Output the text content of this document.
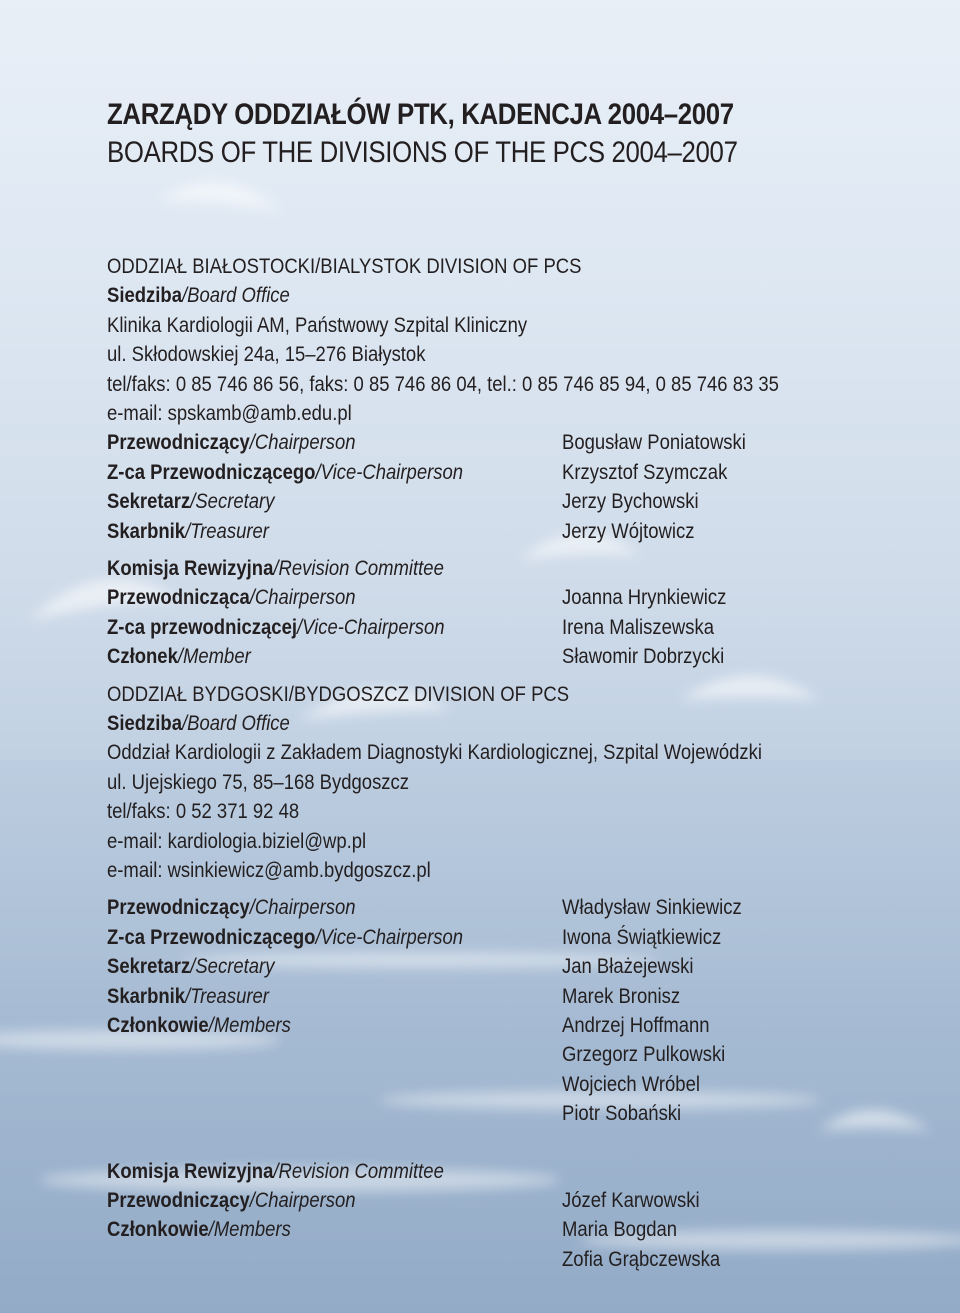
ZARZĄDY ODDZIAŁÓW PTK, KADENCJA 2004–2007
BOARDS OF THE DIVISIONS OF THE PCS 2004–2007
ODDZIAŁ BIAŁOSTOCKI/BIALYSTOK DIVISION OF PCS
Siedziba/Board Office
Klinika Kardiologii AM, Państwowy Szpital Kliniczny
ul. Skłodowskiej 24a, 15–276 Białystok
tel/faks: 0 85 746 86 56, faks: 0 85 746 86 04, tel.: 0 85 746 85 94, 0 85 746 83 35
e-mail: spskamb@amb.edu.pl
Przewodniczący/Chairperson	Bogusław Poniatowski
Z-ca Przewodniczącego/Vice-Chairperson	Krzysztof Szymczak
Sekretarz/Secretary	Jerzy Bychowski
Skarbnik/Treasurer	Jerzy Wójtowicz
Komisja Rewizyjna/Revision Committee
Przewodnicząca/Chairperson	Joanna Hrynkiewicz
Z-ca przewodniczącej/Vice-Chairperson	Irena Maliszewska
Członek/Member	Sławomir Dobrzycki
ODDZIAŁ BYDGOSKI/BYDGOSZCZ DIVISION OF PCS
Siedziba/Board Office
Oddział Kardiologii z Zakładem Diagnostyki Kardiologicznej, Szpital Wojewódzki
ul. Ujejskiego 75, 85–168 Bydgoszcz
tel/faks: 0 52 371 92 48
e-mail: kardiologia.biziel@wp.pl
e-mail: wsinkiewicz@amb.bydgoszcz.pl
Przewodniczący/Chairperson	Władysław Sinkiewicz
Z-ca Przewodniczącego/Vice-Chairperson	Iwona Świątkiewicz
Sekretarz/Secretary	Jan Błażejewski
Skarbnik/Treasurer	Marek Bronisz
Członkowie/Members	Andrzej Hoffmann
Grzegorz Pulkowski
Wojciech Wróbel
Piotr Sobański
Komisja Rewizyjna/Revision Committee
Przewodniczący/Chairperson	Józef Karwowski
Członkowie/Members	Maria Bogdan
Zofia Grąbczewska
